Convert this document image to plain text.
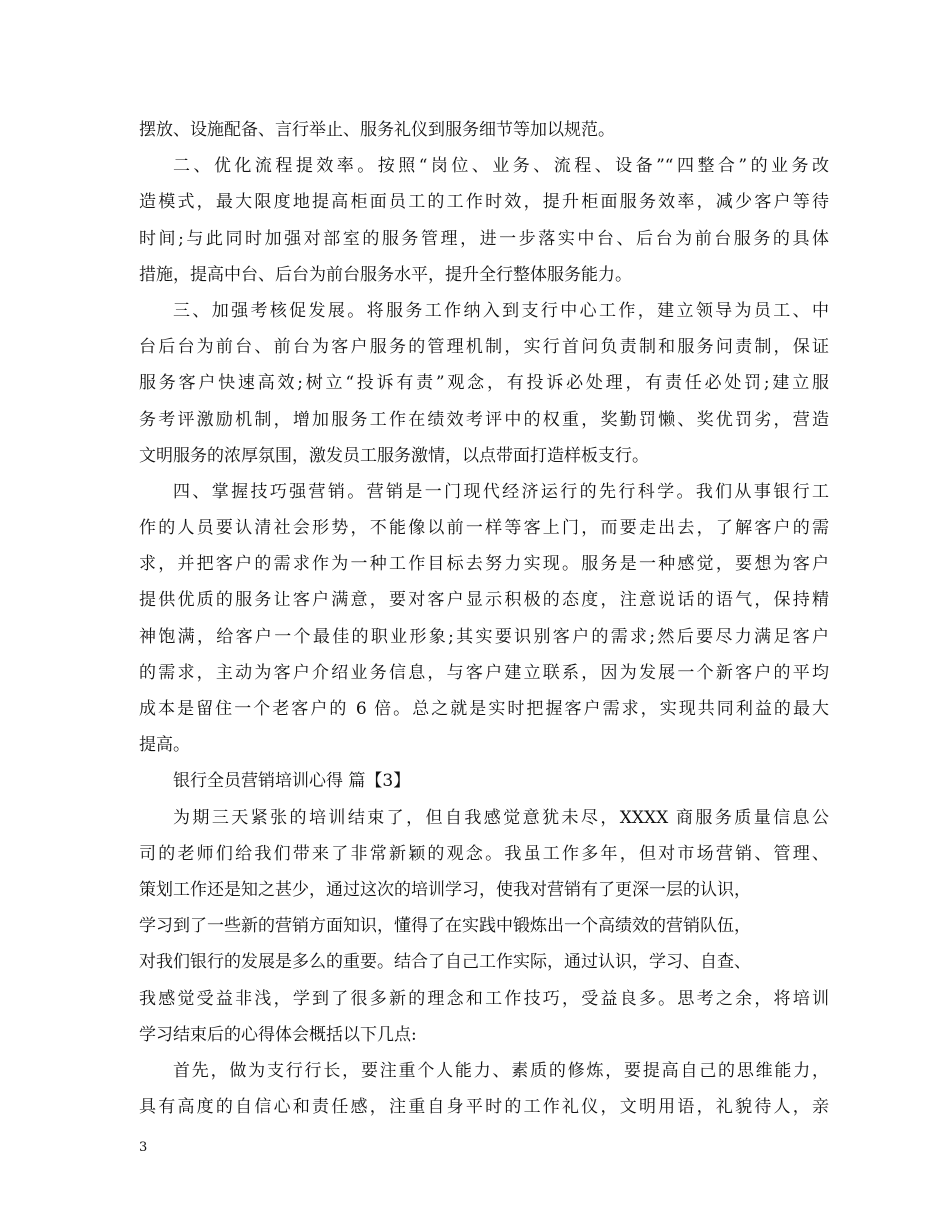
摆放、设施配备、言行举止、服务礼仪到服务细节等加以规范。
二、优化流程提效率。按照“岗位、业务、流程、设备”“四整合”的业务改
造模式，最大限度地提高柜面员工的工作时效，提升柜面服务效率，减少客户等待
时间;与此同时加强对部室的服务管理，进一步落实中台、后台为前台服务的具体
措施，提高中台、后台为前台服务水平，提升全行整体服务能力。
三、加强考核促发展。将服务工作纳入到支行中心工作，建立领导为员工、中
台后台为前台、前台为客户服务的管理机制，实行首问负责制和服务问责制，保证
服务客户快速高效;树立“投诉有责”观念，有投诉必处理，有责任必处罚;建立服
务考评激励机制，增加服务工作在绩效考评中的权重，奖勤罚懒、奖优罚劣，营造
文明服务的浓厚氛围，激发员工服务激情，以点带面打造样板支行。
四、掌握技巧强营销。营销是一门现代经济运行的先行科学。我们从事银行工
作的人员要认清社会形势，不能像以前一样等客上门，而要走出去，了解客户的需
求，并把客户的需求作为一种工作目标去努力实现。服务是一种感觉，要想为客户
提供优质的服务让客户满意，要对客户显示积极的态度，注意说话的语气，保持精
神饱满，给客户一个最佳的职业形象;其实要识别客户的需求;然后要尽力满足客户
的需求，主动为客户介绍业务信息，与客户建立联系，因为发展一个新客户的平均
成本是留住一个老客户的 6 倍。总之就是实时把握客户需求，实现共同利益的最大
提高。
银行全员营销培训心得 篇【3】
为期三天紧张的培训结束了，但自我感觉意犹未尽，XXXX 商服务质量信息公
司的老师们给我们带来了非常新颖的观念。我虽工作多年，但对市场营销、管理、
策划工作还是知之甚少，通过这次的培训学习，使我对营销有了更深一层的认识，
学习到了一些新的营销方面知识，懂得了在实践中锻炼出一个高绩效的营销队伍，
对我们银行的发展是多么的重要。结合了自己工作实际，通过认识，学习、自查、
我感觉受益非浅，学到了很多新的理念和工作技巧，受益良多。思考之余，将培训
学习结束后的心得体会概括以下几点:
首先，做为支行行长，要注重个人能力、素质的修炼，要提高自己的思维能力，
具有高度的自信心和责任感，注重自身平时的工作礼仪，文明用语，礼貌待人，亲
3
